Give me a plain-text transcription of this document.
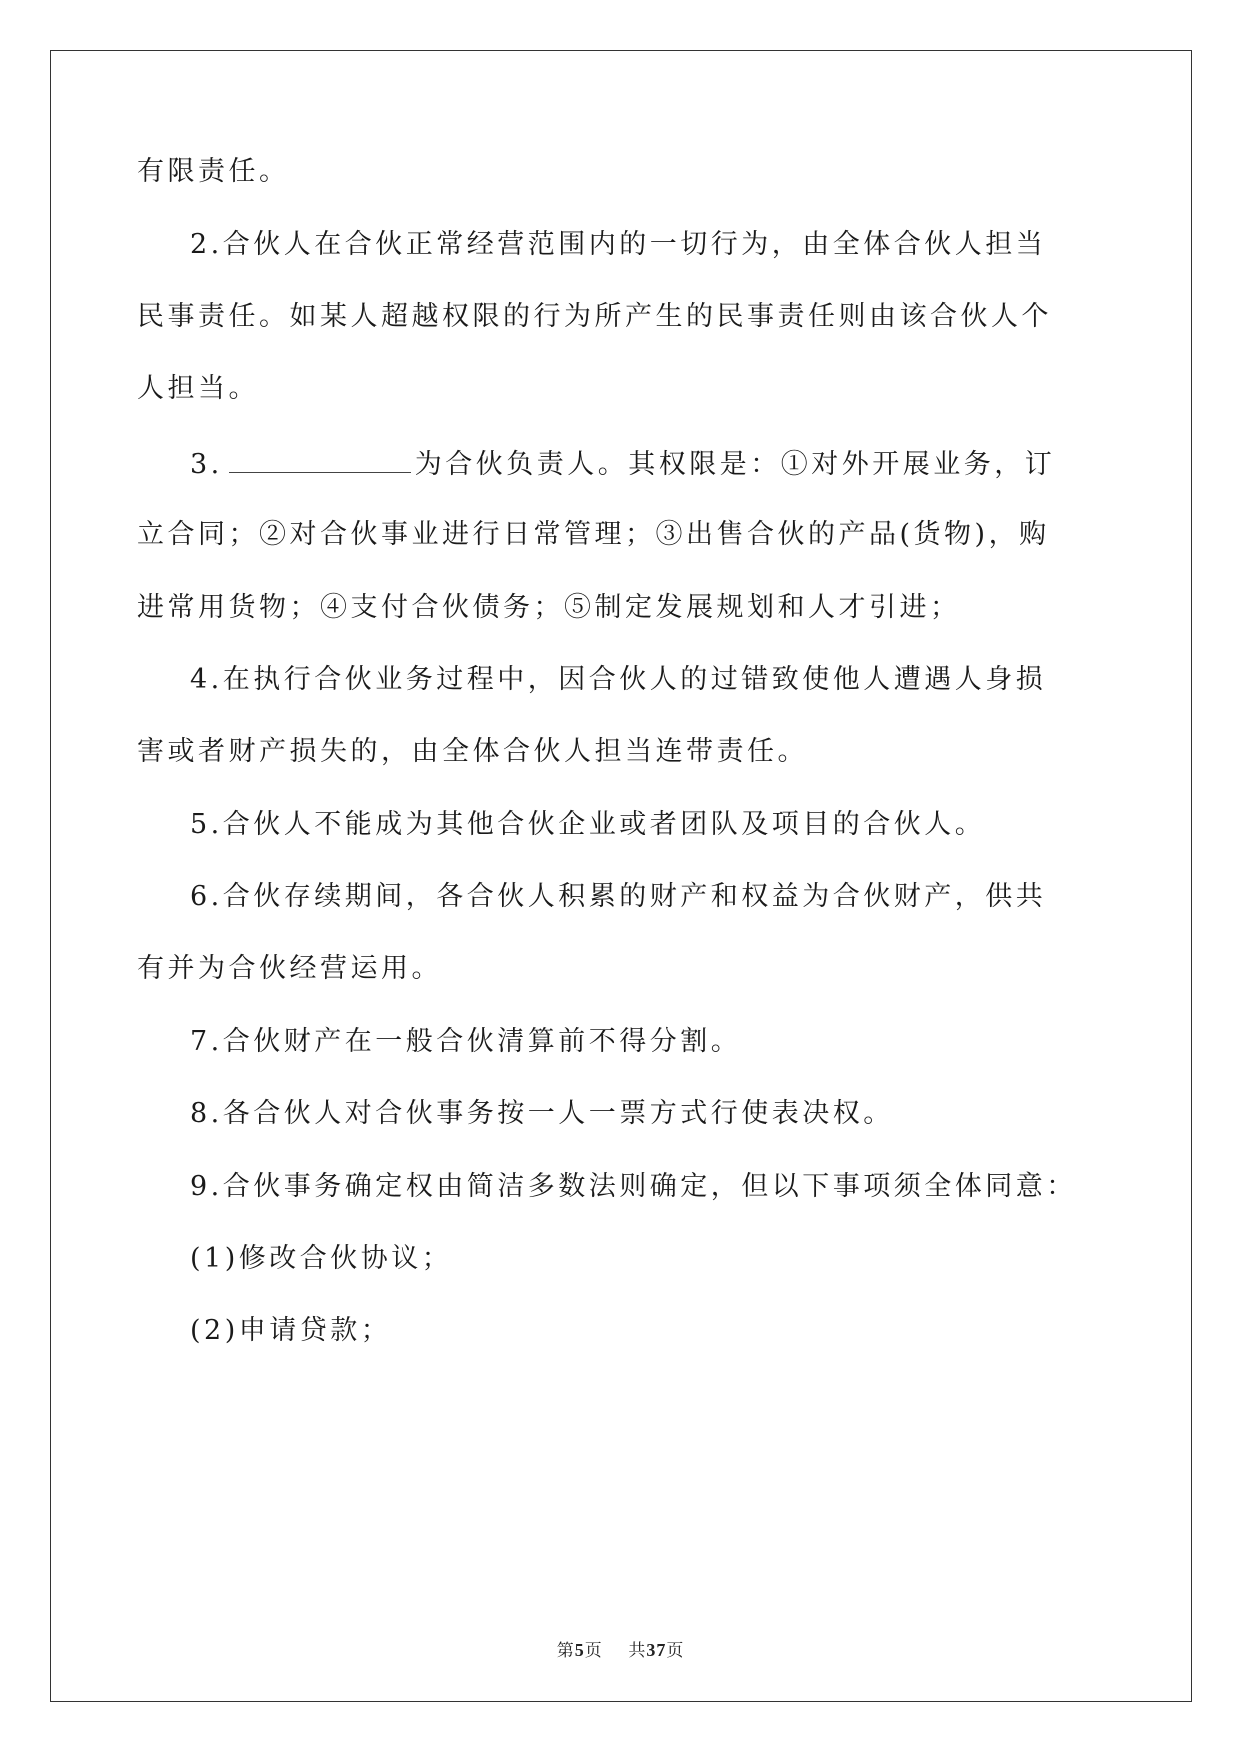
有限责任。
2.合伙人在合伙正常经营范围内的一切行为，由全体合伙人担当
民事责任。如某人超越权限的行为所产生的民事责任则由该合伙人个
人担当。
3.	为合伙负责人。其权限是：①对外开展业务，订
立合同；②对合伙事业进行日常管理；③出售合伙的产品(货物)，购
进常用货物；④支付合伙债务；⑤制定发展规划和人才引进；
4.在执行合伙业务过程中，因合伙人的过错致使他人遭遇人身损
害或者财产损失的，由全体合伙人担当连带责任。
5.合伙人不能成为其他合伙企业或者团队及项目的合伙人。
6.合伙存续期间，各合伙人积累的财产和权益为合伙财产，供共
有并为合伙经营运用。
7.合伙财产在一般合伙清算前不得分割。
8.各合伙人对合伙事务按一人一票方式行使表决权。
9.合伙事务确定权由简洁多数法则确定，但以下事项须全体同意：
(1)修改合伙协议；
(2)申请贷款；
第5页 共37页
